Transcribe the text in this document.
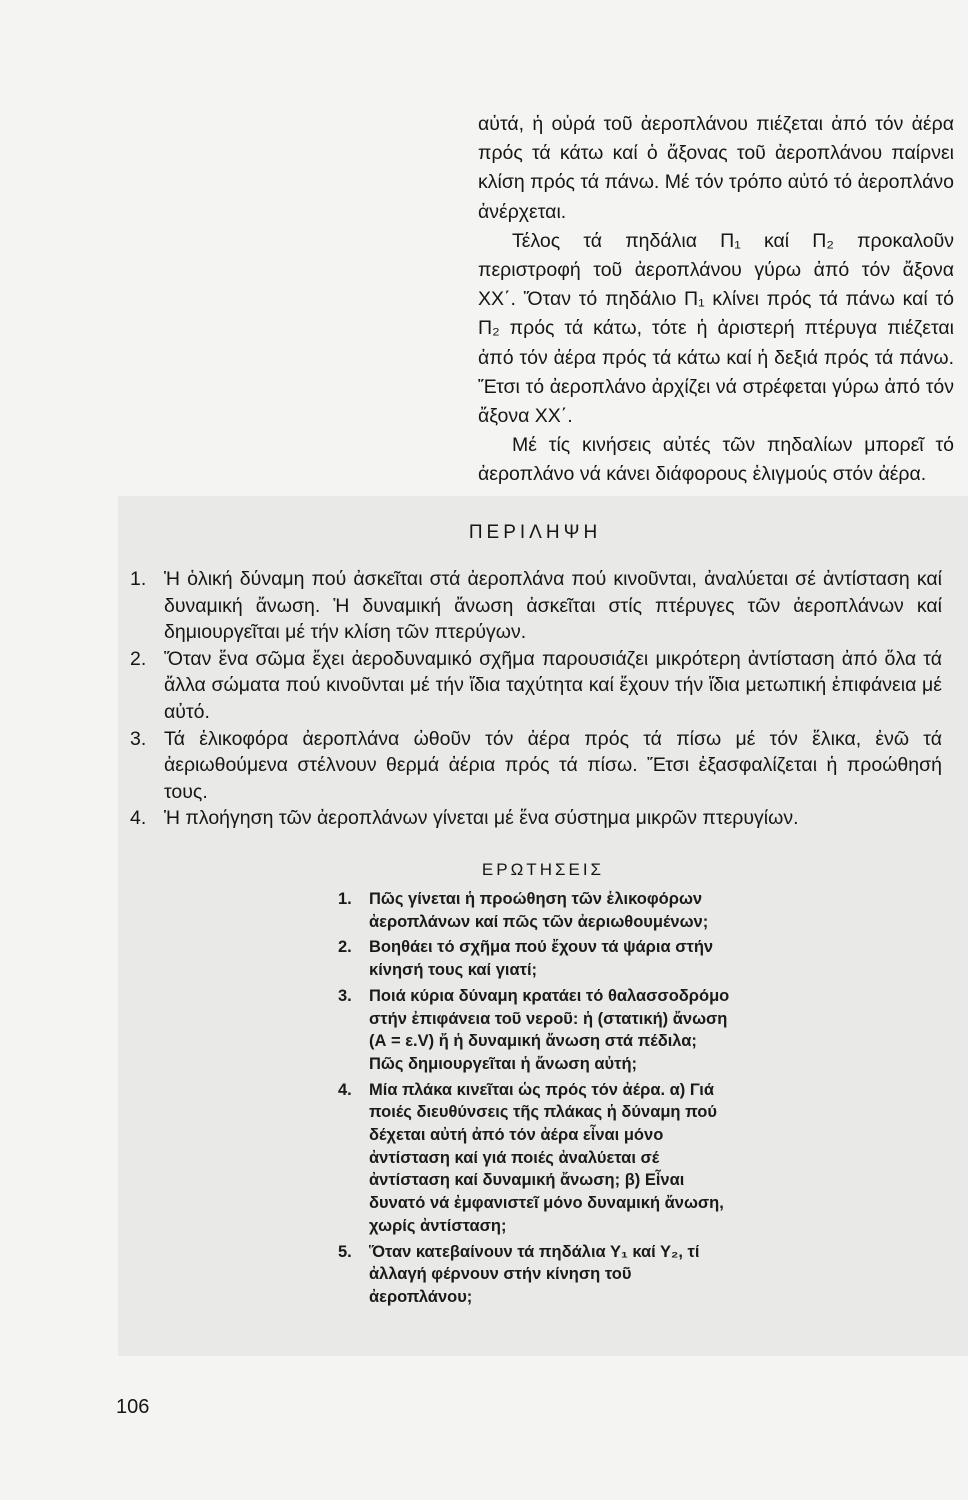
αὐτά, ἡ οὐρά τοῦ ἀεροπλάνου πιέζεται ἀπό τόν ἀέρα πρός τά κάτω καί ὁ ἄξονας τοῦ ἀεροπλάνου παίρνει κλίση πρός τά πάνω. Μέ τόν τρόπο αὐτό τό ἀεροπλάνο ἀνέρχεται.

Τέλος τά πηδάλια Π₁ καί Π₂ προκαλοῦν περιστροφή τοῦ ἀεροπλάνου γύρω ἀπό τόν ἄξονα ΧΧ΄. Ὅταν τό πηδάλιο Π₁ κλίνει πρός τά πάνω καί τό Π₂ πρός τά κάτω, τότε ἡ ἀριστερή πτέρυγα πιέζεται ἀπό τόν ἀέρα πρός τά κάτω καί ἡ δεξιά πρός τά πάνω. Ἔτσι τό ἀεροπλάνο ἀρχίζει νά στρέφεται γύρω ἀπό τόν ἄξονα ΧΧ΄.

Μέ τίς κινήσεις αὐτές τῶν πηδαλίων μπορεῖ τό ἀεροπλάνο νά κάνει διάφορους ἑλιγμούς στόν ἀέρα.

ΠΕΡΙΛΗΨΗ
1. Ἡ ὁλική δύναμη πού ἀσκεῖται στά ἀεροπλάνα πού κινοῦνται, ἀναλύεται σέ ἀντίσταση καί δυναμική ἄνωση. Ἡ δυναμική ἄνωση ἀσκεῖται στίς πτέρυγες τῶν ἀεροπλάνων καί δημιουργεῖται μέ τήν κλίση τῶν πτερύγων.
2. Ὅταν ἕνα σῶμα ἔχει ἀεροδυναμικό σχῆμα παρουσιάζει μικρότερη ἀντίσταση ἀπό ὅλα τά ἄλλα σώματα πού κινοῦνται μέ τήν ἴδια ταχύτητα καί ἔχουν τήν ἴδια μετωπική ἐπιφάνεια μέ αὐτό.
3. Τά ἑλικοφόρα ἀεροπλάνα ὠθοῦν τόν ἀέρα πρός τά πίσω μέ τόν ἕλικα, ἐνῶ τά ἀεριωθούμενα στέλνουν θερμά ἀέρια πρός τά πίσω. Ἔτσι ἐξασφαλίζεται ἡ προώθησή τους.
4. Ἡ πλοήγηση τῶν ἀεροπλάνων γίνεται μέ ἕνα σύστημα μικρῶν πτερυγίων.
ΕΡΩΤΗΣΕΙΣ
1. Πῶς γίνεται ἡ προώθηση τῶν ἑλικοφόρων ἀεροπλάνων καί πῶς τῶν ἀεριωθουμένων;
2. Βοηθάει τό σχῆμα πού ἔχουν τά ψάρια στήν κίνησή τους καί γιατί;
3. Ποιά κύρια δύναμη κρατάει τό θαλασσοδρόμο στήν ἐπιφάνεια τοῦ νεροῦ: ἡ (στατική) ἄνωση (Α = ε.V) ἤ ἡ δυναμική ἄνωση στά πέδιλα; Πῶς δημιουργεῖται ἡ ἄνωση αὐτή;
4. Μία πλάκα κινεῖται ὡς πρός τόν ἀέρα. α) Γιά ποιές διευθύνσεις τῆς πλάκας ἡ δύναμη πού δέχεται αὐτή ἀπό τόν ἀέρα εἶναι μόνο ἀντίσταση καί γιά ποιές ἀναλύεται σέ ἀντίσταση καί δυναμική ἄνωση; β) Εἶναι δυνατό νά ἐμφανιστεῖ μόνο δυναμική ἄνωση, χωρίς ἀντίσταση;
5. Ὅταν κατεβαίνουν τά πηδάλια Υ₁ καί Υ₂, τί ἀλλαγή φέρνουν στήν κίνηση τοῦ ἀεροπλάνου;
106
